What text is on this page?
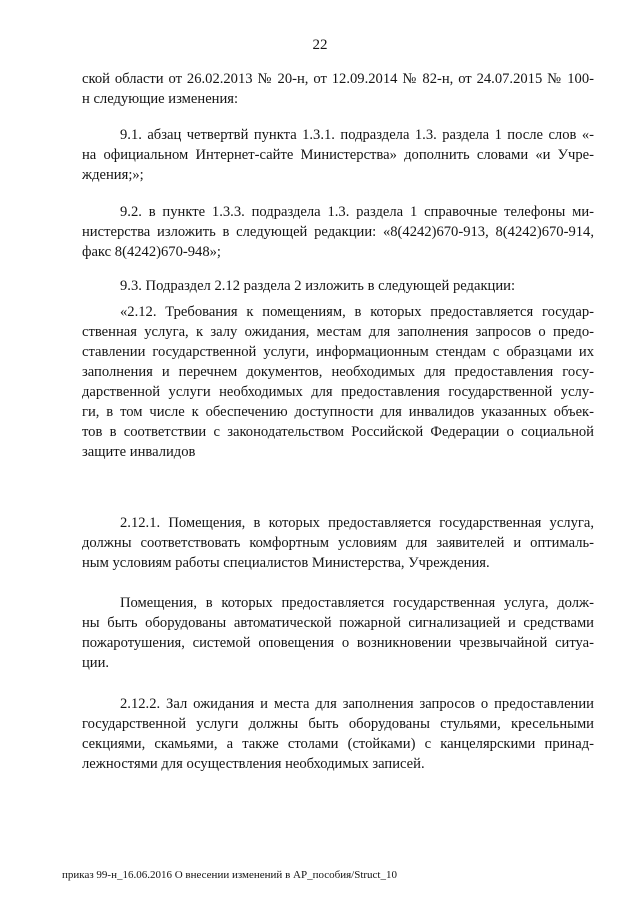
22
ской области от 26.02.2013 № 20-н, от 12.09.2014 № 82-н, от 24.07.2015 № 100-
н следующие изменения:
9.1. абзац четвертвй пункта 1.3.1. подраздела 1.3. раздела 1 после слов «-
на официальном Интернет-сайте Министерства» дополнить словами «и Учре-
ждения;»;
9.2. в пункте 1.3.3. подраздела 1.3. раздела 1 справочные телефоны ми-
нистерства изложить в следующей редакции: «8(4242)670-913, 8(4242)670-914,
факс 8(4242)670-948»;
9.3. Подраздел 2.12 раздела 2 изложить в следующей редакции:
«2.12. Требования к помещениям, в которых предоставляется государ-
ственная услуга, к залу ожидания, местам для заполнения запросов о предо-
ставлении государственной услуги, информационным стендам с образцами их
заполнения и перечнем документов, необходимых для предоставления госу-
дарственной услуги необходимых для предоставления государственной услу-
ги, в том числе к обеспечению доступности для инвалидов указанных объек-
тов в соответствии с законодательством Российской Федерации о социальной
защите инвалидов
2.12.1. Помещения, в которых предоставляется государственная услуга,
должны соответствовать комфортным условиям для заявителей и оптималь-
ным условиям работы специалистов Министерства, Учреждения.
Помещения, в которых предоставляется государственная услуга, долж-
ны быть оборудованы автоматической пожарной сигнализацией и средствами
пожаротушения, системой оповещения о возникновении чрезвычайной ситуа-
ции.
2.12.2. Зал ожидания и места для заполнения запросов о предоставлении
государственной услуги должны быть оборудованы стульями, кресельными
секциями, скамьями, а также столами (стойками) с канцелярскими принад-
лежностями для осуществления необходимых записей.
приказ 99-н_16.06.2016 О внесении изменений в АР_пособия/Struct_10
